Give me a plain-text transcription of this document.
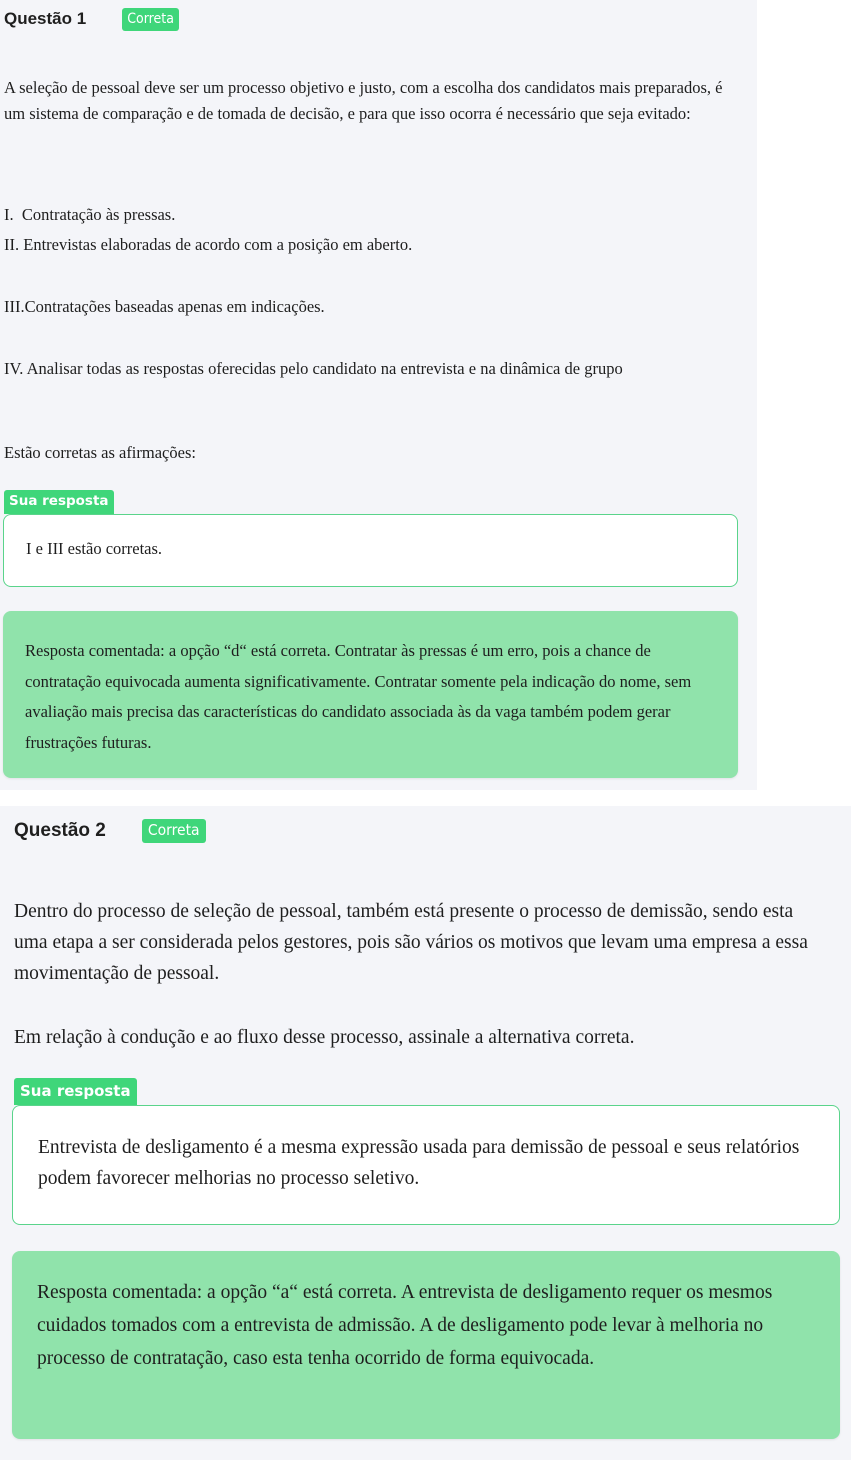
Questão 1	Correta

A seleção de pessoal deve ser um processo objetivo e justo, com a escolha dos candidatos mais preparados, é um sistema de comparação e de tomada de decisão, e para que isso ocorra é necessário que seja evitado:

I.  Contratação às pressas.

II. Entrevistas elaboradas de acordo com a posição em aberto.

III.Contratações baseadas apenas em indicações.

IV. Analisar todas as respostas oferecidas pelo candidato na entrevista e na dinâmica de grupo

Estão corretas as afirmações:

Sua resposta
I e III estão corretas.
Resposta comentada: a opção “d“ está correta. Contratar às pressas é um erro, pois a chance de contratação equivocada aumenta significativamente. Contratar somente pela indicação do nome, sem avaliação mais precisa das características do candidato associada às da vaga também podem gerar frustrações futuras.
Questão 2	Correta

Dentro do processo de seleção de pessoal, também está presente o processo de demissão, sendo esta uma etapa a ser considerada pelos gestores, pois são vários os motivos que levam uma empresa a essa movimentação de pessoal.

Em relação à condução e ao fluxo desse processo, assinale a alternativa correta.

Sua resposta
Entrevista de desligamento é a mesma expressão usada para demissão de pessoal e seus relatórios podem favorecer melhorias no processo seletivo.
Resposta comentada: a opção “a“ está correta. A entrevista de desligamento requer os mesmos cuidados tomados com a entrevista de admissão. A de desligamento pode levar à melhoria no processo de contratação, caso esta tenha ocorrido de forma equivocada.
